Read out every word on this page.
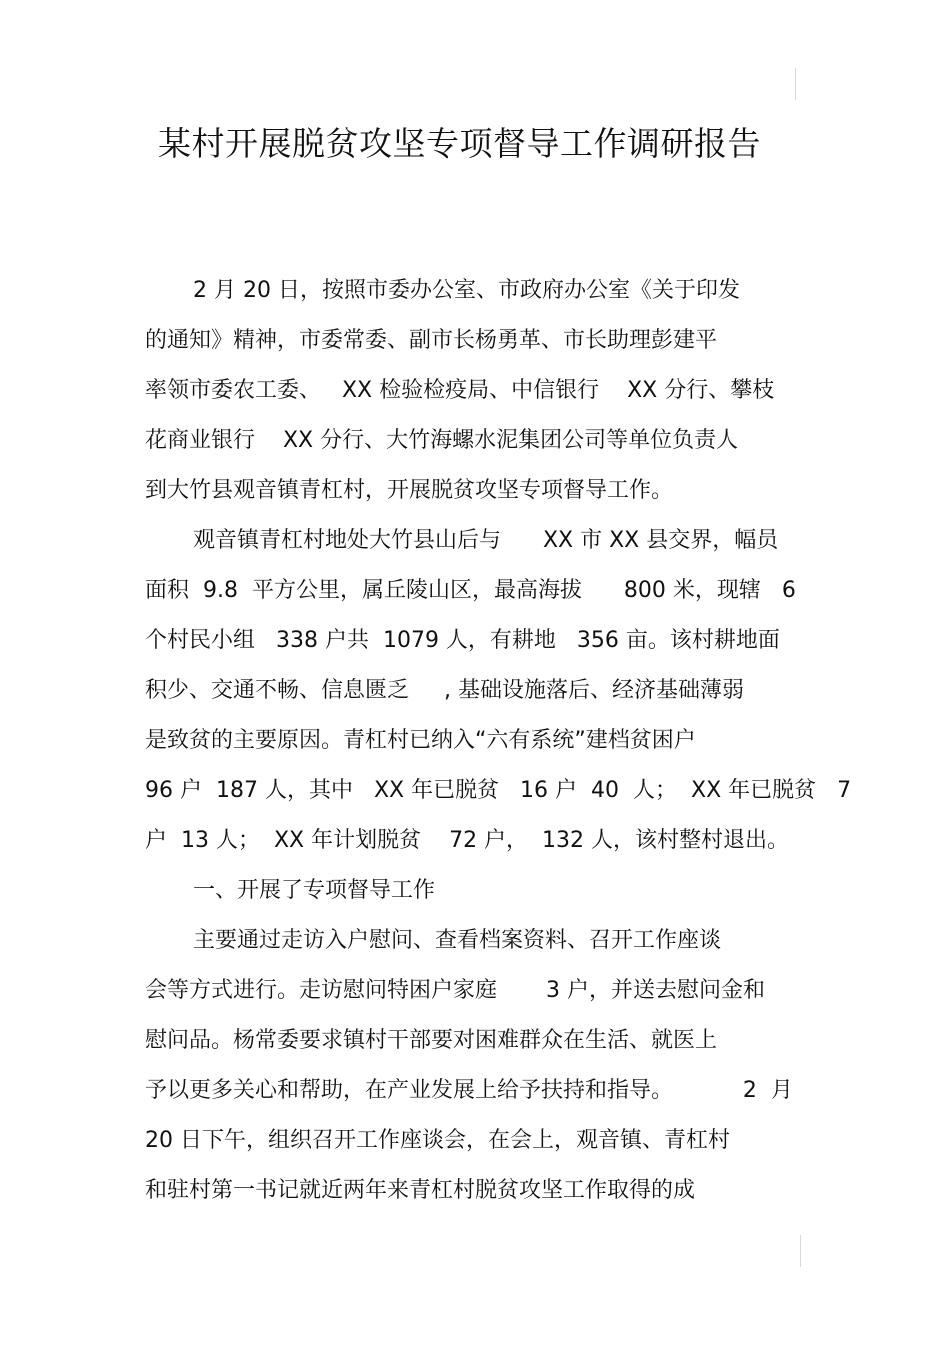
某村开展脱贫攻坚专项督导工作调研报告
2 月 20 日，按照市委办公室、市政府办公室《关于印发
的通知》精神，市委常委、副市长杨勇革、市长助理彭建平
率领市委农工委、   XX 检验检疫局、中信银行    XX 分行、攀枝
花商业银行    XX 分行、大竹海螺水泥集团公司等单位负责人
到大竹县观音镇青杠村，开展脱贫攻坚专项督导工作。
观音镇青杠村地处大竹县山后与      XX 市 XX 县交界，幅员
面积  9.8  平方公里，属丘陵山区，最高海拔      800 米，现辖   6
个村民小组   338 户共  1079 人，有耕地   356 亩。该村耕地面
积少、交通不畅、信息匮乏     , 基础设施落后、经济基础薄弱
是致贫的主要原因。青杠村已纳入“六有系统”建档贫困户
96 户  187 人，其中   XX 年已脱贫   16 户  40  人；  XX 年已脱贫   7
户  13 人；  XX 年计划脱贫    72 户，  132 人，该村整村退出。
一、开展了专项督导工作
主要通过走访入户慰问、查看档案资料、召开工作座谈
会等方式进行。走访慰问特困户家庭       3 户，并送去慰问金和
慰问品。杨常委要求镇村干部要对困难群众在生活、就医上
予以更多关心和帮助，在产业发展上给予扶持和指导。          2  月
20 日下午，组织召开工作座谈会，在会上，观音镇、青杠村
和驻村第一书记就近两年来青杠村脱贫攻坚工作取得的成
